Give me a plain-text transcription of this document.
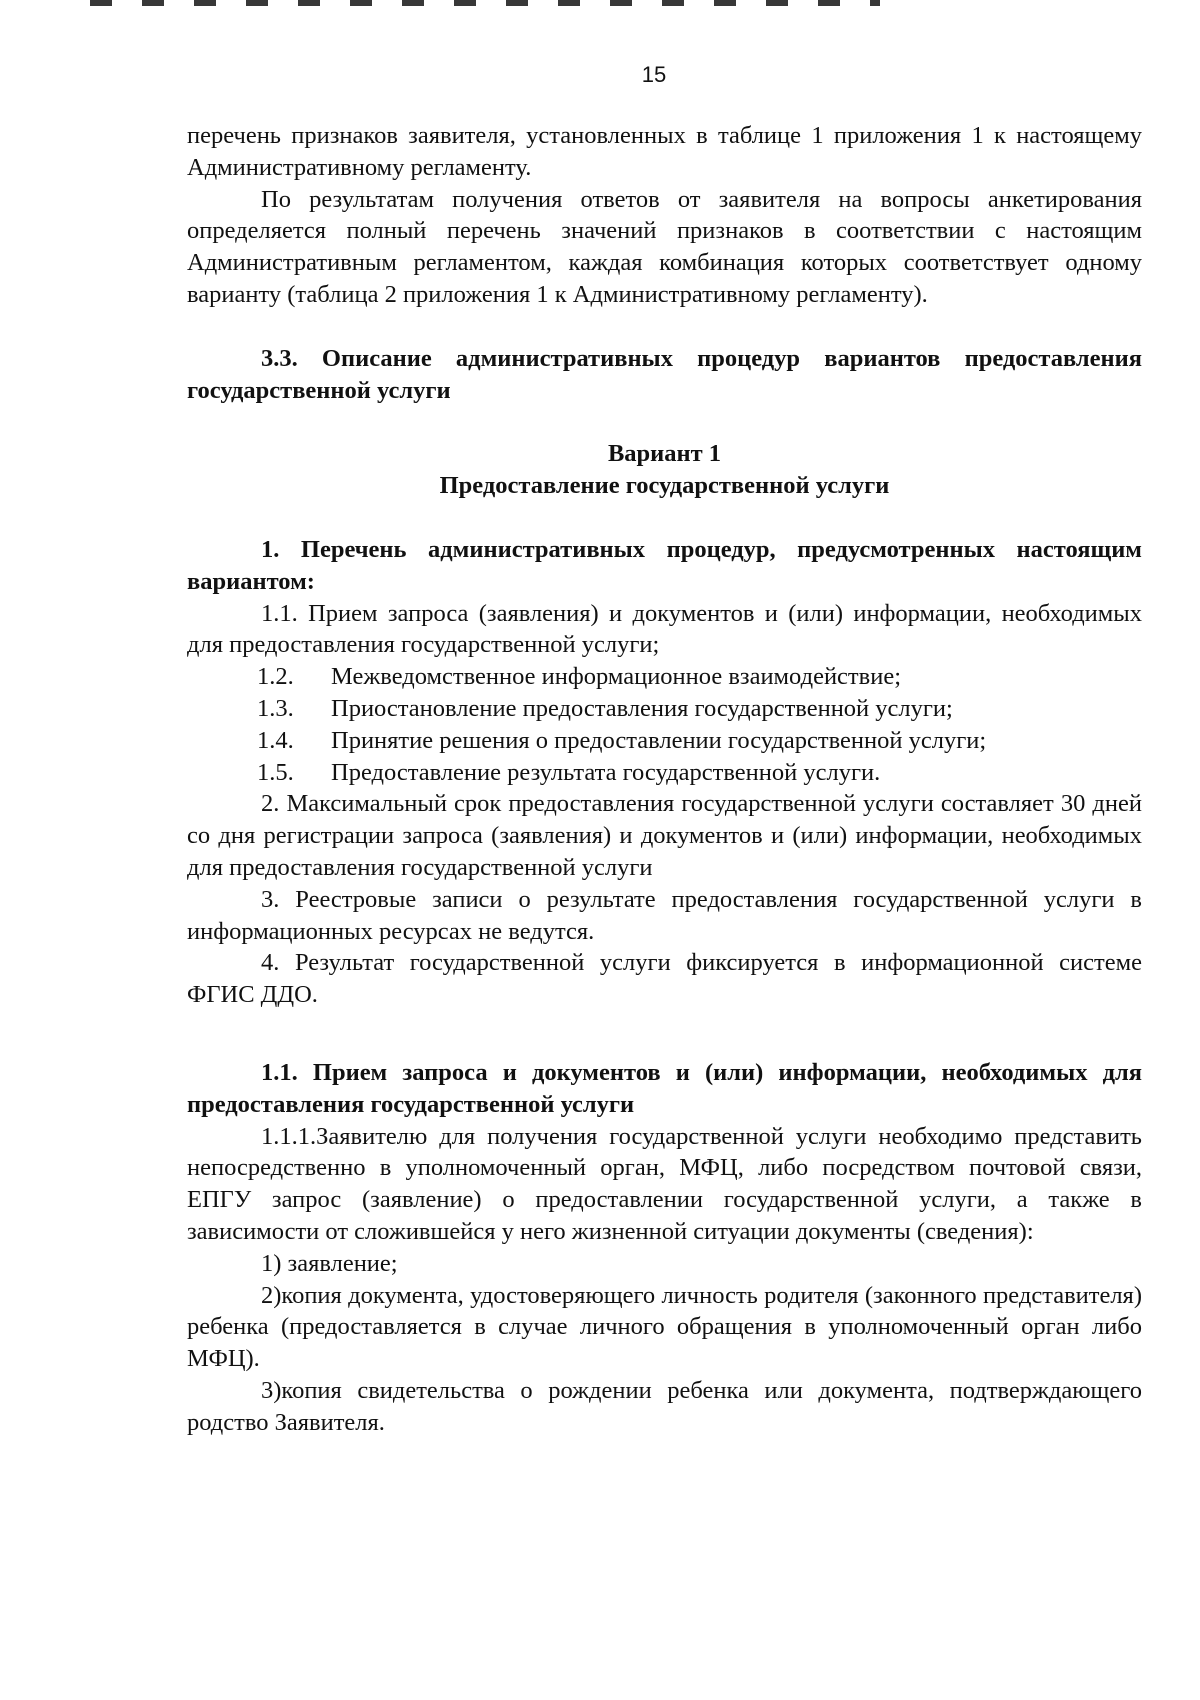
15

перечень признаков заявителя, установленных в таблице 1 приложения 1 к настоящему Административному регламенту.

По результатам получения ответов от заявителя на вопросы анкетирования определяется полный перечень значений признаков в соответствии с настоящим Административным регламентом, каждая комбинация которых соответствует одному варианту (таблица 2 приложения 1 к Административному регламенту).

3.3. Описание административных процедур вариантов предоставления государственной услуги

Вариант 1

Предоставление государственной услуги

1. Перечень административных процедур, предусмотренных настоящим вариантом:

1.1. Прием запроса (заявления) и документов и (или) информации, необходимых для предоставления государственной услуги;

1.2.	Межведомственное информационное взаимодействие;
1.3.	Приостановление предоставления государственной услуги;
1.4.	Принятие решения о предоставлении государственной услуги;
1.5.	Предоставление результата государственной услуги.

2. Максимальный срок предоставления государственной услуги составляет 30 дней со дня регистрации запроса (заявления) и документов и (или) информации, необходимых для предоставления государственной услуги

3. Реестровые записи о результате предоставления государственной услуги в информационных ресурсах не ведутся.

4. Результат государственной услуги фиксируется в информационной системе ФГИС ДДО.

1.1. Прием запроса и документов и (или) информации, необходимых для предоставления государственной услуги

1.1.1.Заявителю для получения государственной услуги необходимо представить непосредственно в уполномоченный орган, МФЦ, либо посредством почтовой связи, ЕПГУ запрос (заявление) о предоставлении государственной услуги, а также в зависимости от сложившейся у него жизненной ситуации документы (сведения):

1) заявление;

2)копия документа, удостоверяющего личность родителя (законного представителя) ребенка (предоставляется в случае личного обращения в уполномоченный орган либо МФЦ).

3)копия свидетельства о рождении ребенка или документа, подтверждающего родство Заявителя.
